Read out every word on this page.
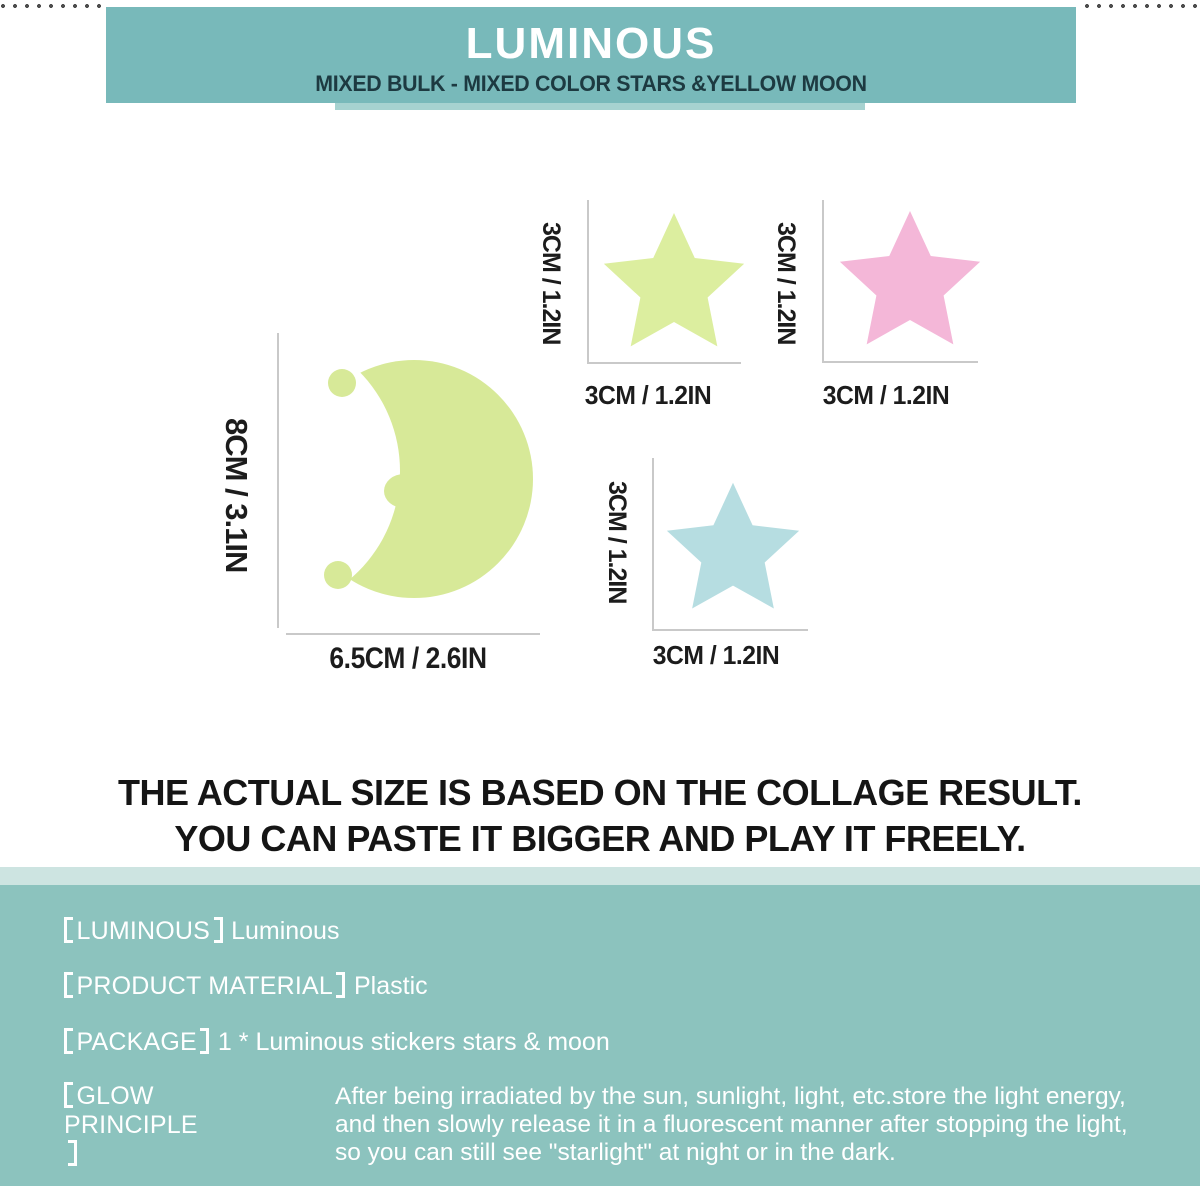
LUMINOUS
MIXED BULK - MIXED COLOR STARS &YELLOW MOON
3CM / 1.2IN
3CM / 1.2IN
3CM / 1.2IN
3CM / 1.2IN
8CM / 3.1IN
6.5CM / 2.6IN
3CM / 1.2IN
3CM / 1.2IN
THE ACTUAL SIZE IS BASED ON THE COLLAGE RESULT.
YOU CAN PASTE IT BIGGER AND PLAY IT FREELY.
LUMINOUS Luminous
PRODUCT MATERIAL Plastic
PACKAGE 1 * Luminous stickers stars & moon
GLOW PRINCIPLE
After being irradiated by the sun, sunlight, light, etc.store the light energy,
and then slowly release it in a fluorescent manner after stopping the light,
so you can still see "starlight" at night or in the dark.
